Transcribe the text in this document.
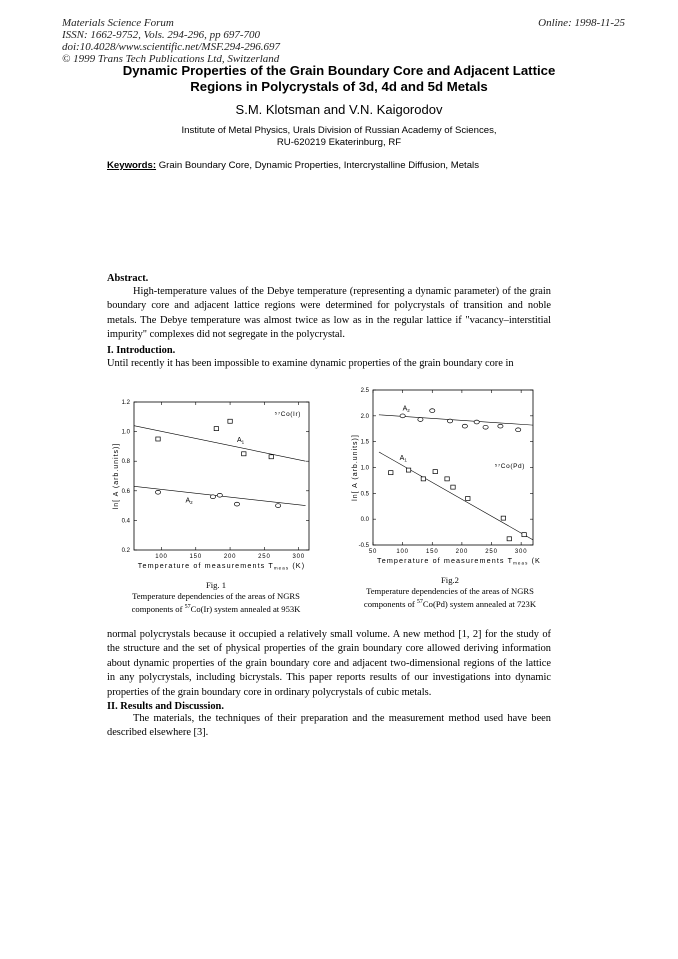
Materials Science Forum	Online: 1998-11-25
ISSN: 1662-9752, Vols. 294-296, pp 697-700
doi:10.4028/www.scientific.net/MSF.294-296.697
© 1999 Trans Tech Publications Ltd, Switzerland
Dynamic Properties of the Grain Boundary Core and Adjacent Lattice
Regions in Polycrystals of 3d, 4d and 5d Metals
S.M. Klotsman and V.N. Kaigorodov
Institute of Metal Physics, Urals Division of Russian Academy of Sciences,
RU-620219 Ekaterinburg, RF
Keywords: Grain Boundary Core, Dynamic Properties, Intercrystalline Diffusion, Metals
Abstract.
High-temperature values of the Debye temperature (representing a dynamic parameter) of the grain boundary core and adjacent lattice regions were determined for polycrystals of transition and noble metals. The Debye temperature was almost twice as low as in the regular lattice if "vacancy–interstitial impurity" complexes did not segregate in the polycrystal.
I. Introduction.
Until recently it has been impossible to examine dynamic properties of the grain boundary core in
100	150	200	250	300
0.2
0.4
0.6
0.8
1.0
1.2
$A_1$
$A_2$
⁵⁷Co(Ir)
Temperature of measurements $T_{meas}$ (K)
ln[ A (arb.units)]
Fig. 1
Temperature dependencies of the areas of NGRS
components of $^{57}$Co(Ir) system annealed at 953K
50	100	150	200	250	300
-0.5
0.0
0.5
1.0
1.5
2.0
2.5
$A_2$
$A_1$
⁵⁷Co(Pd)
Temperature of measurements $T_{meas}$ (K
ln[ A (arb.units)]
Fig.2
Temperature dependencies of the areas of NGRS
components of $^{57}$Co(Pd) system annealed at 723K
normal polycrystals because it occupied a relatively small volume. A new method [1, 2] for the study of the structure and the set of physical properties of the grain boundary core allowed deriving information about dynamic properties of the grain boundary core and adjacent two-dimensional regions of the lattice in any polycrystals, including bicrystals. This paper reports results of our investigations into dynamic properties of the grain boundary core in ordinary polycrystals of cubic metals.
II. Results and Discussion.
The materials, the techniques of their preparation and the measurement method used have been described elsewhere [3].
